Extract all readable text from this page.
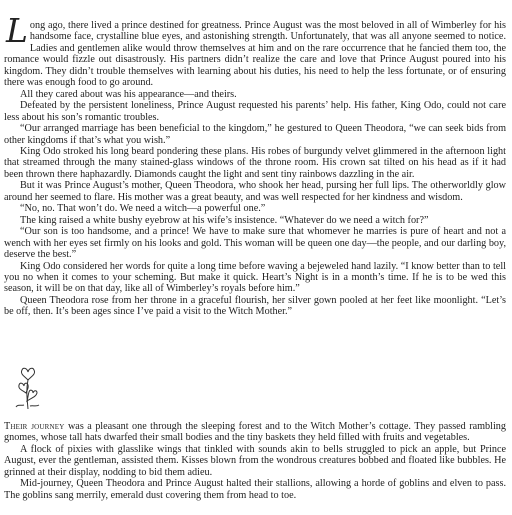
Long ago, there lived a prince destined for greatness. Prince August was the most beloved in all of Wimberley for his handsome face, crystalline blue eyes, and astonishing strength. Unfortunately, that was all anyone seemed to notice. Ladies and gentlemen alike would throw themselves at him and on the rare occurrence that he fancied them too, the romance would fizzle out disastrously. His partners didn’t realize the care and love that Prince August poured into his kingdom. They didn’t trouble themselves with learning about his duties, his need to help the less fortunate, or of ensuring there was enough food to go around.

All they cared about was his appearance—and theirs.

Defeated by the persistent loneliness, Prince August requested his parents’ help. His father, King Odo, could not care less about his son’s romantic troubles.

“Our arranged marriage has been beneficial to the kingdom,” he gestured to Queen Theodora, “we can seek bids from other kingdoms if that’s what you wish.”

King Odo stroked his long beard pondering these plans. His robes of burgundy velvet glimmered in the afternoon light that streamed through the many stained-glass windows of the throne room. His crown sat tilted on his head as if it had been thrown there haphazardly. Diamonds caught the light and sent tiny rainbows dazzling in the air.

But it was Prince August’s mother, Queen Theodora, who shook her head, pursing her full lips. The otherworldly glow around her seemed to flare. His mother was a great beauty, and was well respected for her kindness and wisdom.

“No, no. That won’t do. We need a witch—a powerful one.”

The king raised a white bushy eyebrow at his wife’s insistence. “Whatever do we need a witch for?”

“Our son is too handsome, and a prince! We have to make sure that whomever he marries is pure of heart and not a wench with her eyes set firmly on his looks and gold. This woman will be queen one day—the people, and our darling boy, deserve the best.”

King Odo considered her words for quite a long time before waving a bejeweled hand lazily. “I know better than to tell you no when it comes to your scheming. But make it quick. Heart’s Night is in a month’s time. If he is to be wed this season, it will be on that day, like all of Wimberley’s royals before him.”

Queen Theodora rose from her throne in a graceful flourish, her silver gown pooled at her feet like moonlight. “Let’s be off, then. It’s been ages since I’ve paid a visit to the Witch Mother.”

Their journey was a pleasant one through the sleeping forest and to the Witch Mother’s cottage. They passed rambling gnomes, whose tall hats dwarfed their small bodies and the tiny baskets they held filled with fruits and vegetables.

A flock of pixies with glasslike wings that tinkled with sounds akin to bells struggled to pick an apple, but Prince August, ever the gentleman, assisted them. Kisses blown from the wondrous creatures bobbed and floated like bubbles. He grinned at their display, nodding to bid them adieu.

Mid-journey, Queen Theodora and Prince August halted their stallions, allowing a horde of goblins and elven to pass. The goblins sang merrily, emerald dust covering them from head to toe.
